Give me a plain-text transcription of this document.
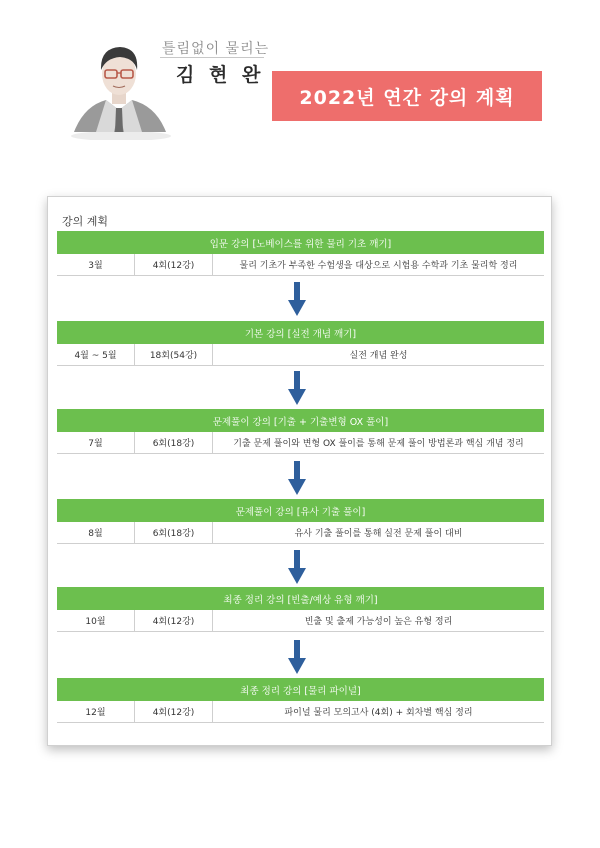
틀림없이 물리는
김 현 완
2022년 연간 강의 계획
강의 계획
입문 강의 [노베이스를 위한 물리 기초 깨기]
3월	4회(12강)	물리 기초가 부족한 수험생을 대상으로 시험용 수학과 기초 물리학 정리
기본 강의 [실전 개념 깨기]
4월 ~ 5월	18회(54강)	실전 개념 완성
문제풀이 강의 [기출 + 기출변형 OX 풀이]
7월	6회(18강)	기출 문제 풀이와 변형 OX 풀이를 통해 문제 풀이 방법론과 핵심 개념 정리
문제풀이 강의 [유사 기출 풀이]
8월	6회(18강)	유사 기출 풀이를 통해 실전 문제 풀이 대비
최종 정리 강의 [빈출/예상 유형 깨기]
10월	4회(12강)	빈출 및 출제 가능성이 높은 유형 정리
최종 정리 강의 [물리 파이널]
12월	4회(12강)	파이널 물리 모의고사 (4회) + 회차별 핵심 정리
